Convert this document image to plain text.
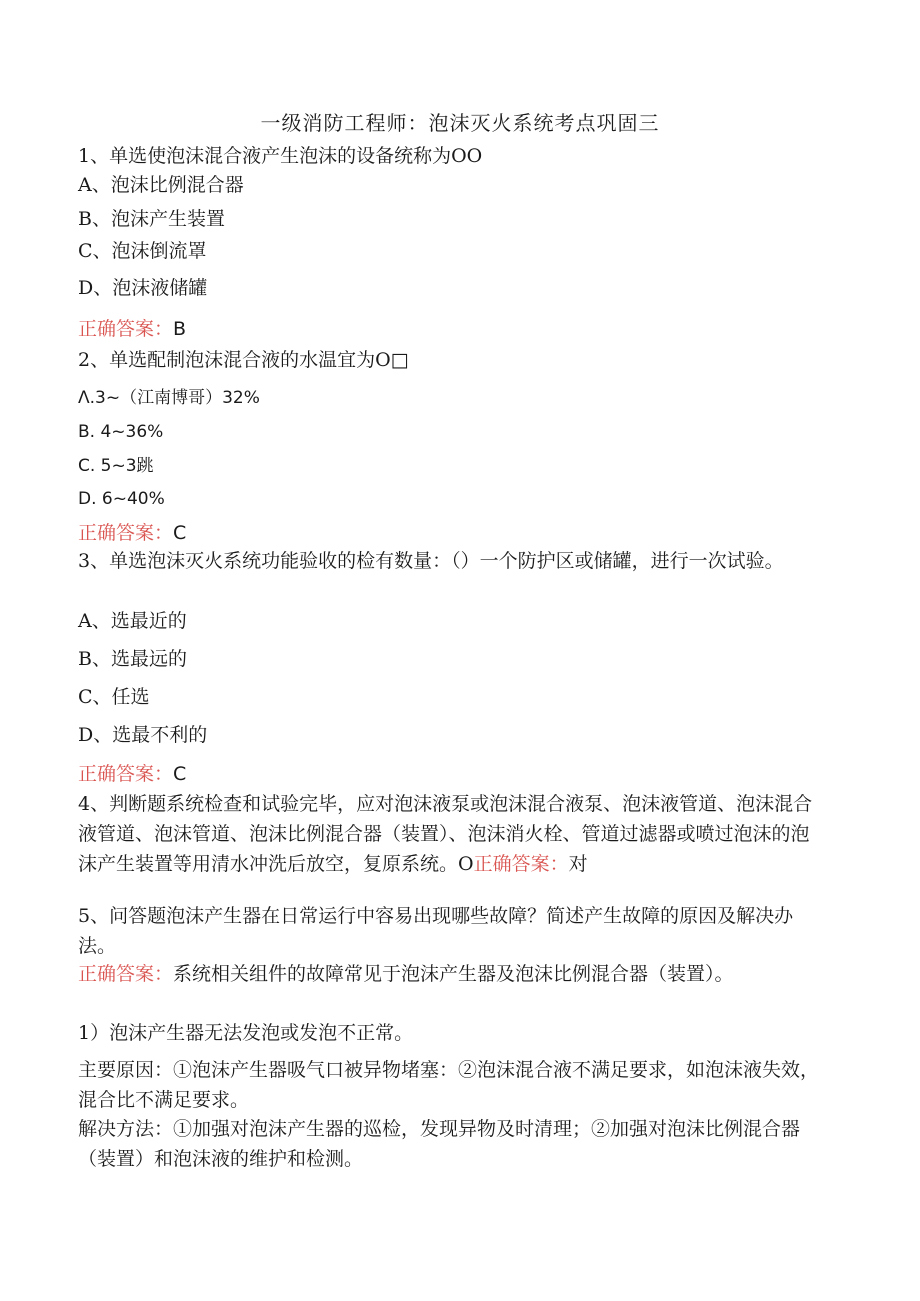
一级消防工程师：泡沫灭火系统考点巩固三
1、单选使泡沫混合液产生泡沫的设备统称为OO
A、泡沫比例混合器
B、泡沫产生装置
C、泡沫倒流罩
D、泡沫液储罐
正确答案：B
2、单选配制泡沫混合液的水温宜为O□
Λ.3~（江南博哥）32%
B. 4~36%
C. 5~3跳
D. 6~40%
正确答案：C
3、单选泡沫灭火系统功能验收的检有数量：（）一个防护区或储罐，进行一次试验。
A、选最近的
B、选最远的
C、任选
D、选最不利的
正确答案：C
4、判断题系统检查和试验完毕，应对泡沫液泵或泡沫混合液泵、泡沫液管道、泡沫混合液管道、泡沫管道、泡沫比例混合器（装置）、泡沫消火栓、管道过滤器或喷过泡沫的泡沫产生装置等用清水冲洗后放空，复原系统。O正确答案：对
5、问答题泡沫产生器在日常运行中容易出现哪些故障？简述产生故障的原因及解决办法。
正确答案：系统相关组件的故障常见于泡沫产生器及泡沫比例混合器（装置）。
1）泡沫产生器无法发泡或发泡不正常。
主要原因：①泡沫产生器吸气口被异物堵塞：②泡沫混合液不满足要求，如泡沫液失效，混合比不满足要求。
解决方法：①加强对泡沫产生器的巡检，发现异物及时清理；②加强对泡沫比例混合器（装置）和泡沫液的维护和检测。
